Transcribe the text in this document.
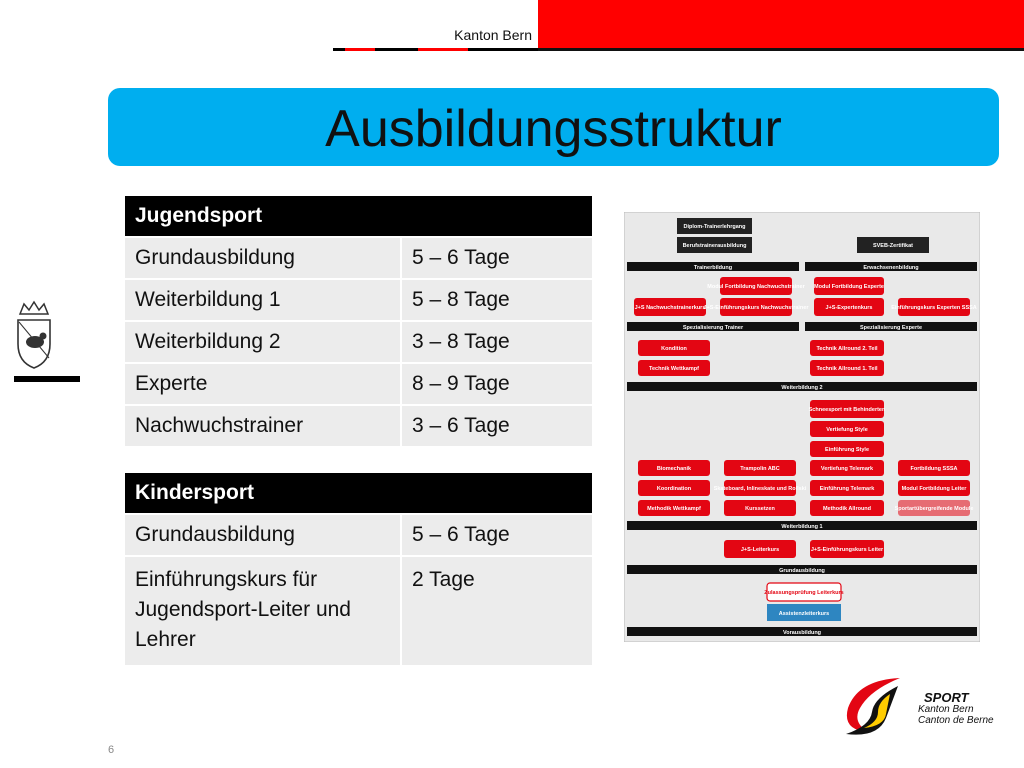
Kanton Bern
Ausbildungsstruktur
Jugendsport	
Grundausbildung	5 – 6 Tage
Weiterbildung 1	5 – 8 Tage
Weiterbildung 2	3 – 8 Tage
Experte	8 – 9 Tage
Nachwuchstrainer	3 – 6 Tage
Kindersport	
Grundausbildung	5 – 6 Tage
Einführungskurs für Jugendsport-Leiter und Lehrer	2 Tage
Diplom-Trainerlehrgang
Berufstrainerausbildung	SVEB-Zertifikat
Trainerbildung	Erwachsenenbildung
Spezialisierung Trainer	Spezialisierung Experte
Weiterbildung 2
Weiterbildung 1
Grundausbildung
Vorausbildung
Modul Fortbildung Nachwuchstrainer Modul Fortbildung Experte
J+S Nachwuchstrainerkurs
J+S-Einführungskurs Nachwuchstrainer	J+S-Expertenkurs	Einführungskurs Experten SSSA
Kondition	Technik Allround 2. Teil
Technik Wettkampf	Technik Allround 1. Teil
Schneesport mit Behinderten
Vertiefung Style
Einführung Style
Biomechanik	Trampolin ABC	Vertiefung Telemark	Fortbildung SSSA
Koordination	Skateboard, Inlineskate und Rollski Einführung Telemark	Modul Fortbildung Leiter
Methodik Wettkampf	Kurssetzen	Methodik Allround	Sportartübergreifende Module
J+S-Leiterkurs	J+S-Einführungskurs Leiter
Zulassungsprüfung Leiterkurs
Assistenzleiterkurs
6
SPORT
Kanton Bern
Canton de Berne
